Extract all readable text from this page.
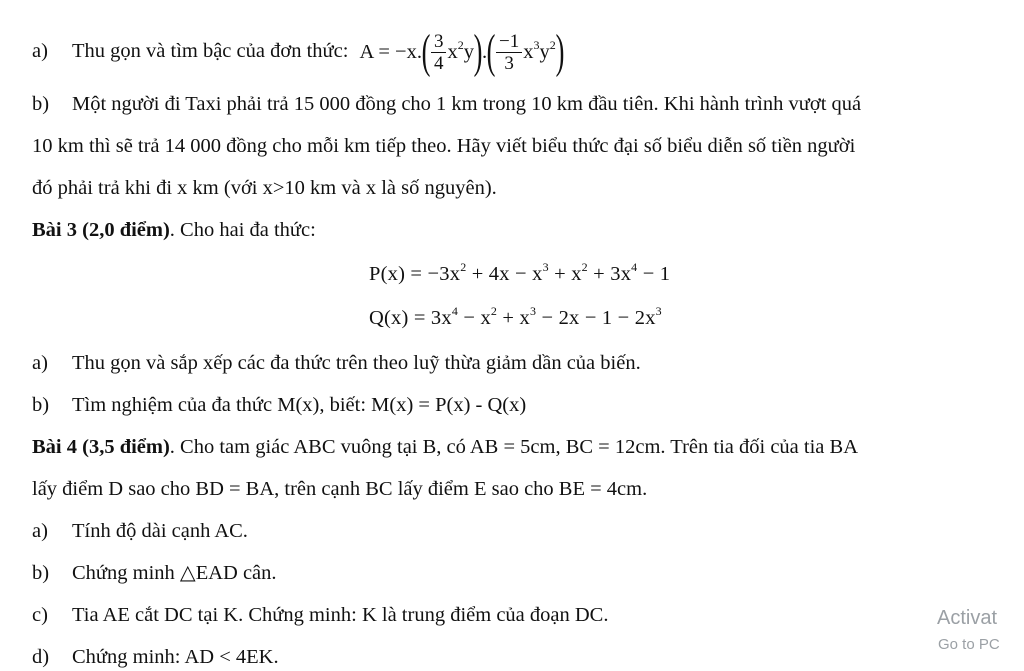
a) Thu gọn và tìm bậc của đơn thức: A = −x. ( $\frac{3}{4} x^2y$ ) . ( $\frac{-1}{3} x^3y^2$ )
b) Một người đi Taxi phải trả 15 000 đồng cho 1 km trong 10 km đầu tiên. Khi hành trình vượt quá
10 km thì sẽ trả 14 000 đồng cho mỗi km tiếp theo. Hãy viết biểu thức đại số biểu diễn số tiền người
đó phải trả khi đi x km (với x>10 km và x là số nguyên).
Bài 3 (2,0 điểm). Cho hai đa thức:
$P(x) = -3x^2 + 4x - x^3 + x^2 + 3x^4 - 1$
$Q(x) = 3x^4 - x^2 + x^3 - 2x - 1 - 2x^3$
a) Thu gọn và sắp xếp các đa thức trên theo luỹ thừa giảm dần của biến.
b) Tìm nghiệm của đa thức M(x), biết: M(x) = P(x) - Q(x)
Bài 4 (3,5 điểm). Cho tam giác ABC vuông tại B, có AB = 5cm, BC = 12cm. Trên tia đối của tia BA
lấy điểm D sao cho BD = BA, trên cạnh BC lấy điểm E sao cho BE = 4cm.
a) Tính độ dài cạnh AC.
b) Chứng minh △EAD cân.
c) Tia AE cắt DC tại K. Chứng minh: K là trung điểm của đoạn DC.
d) Chứng minh: AD < 4EK.
Activat
Go to PC
